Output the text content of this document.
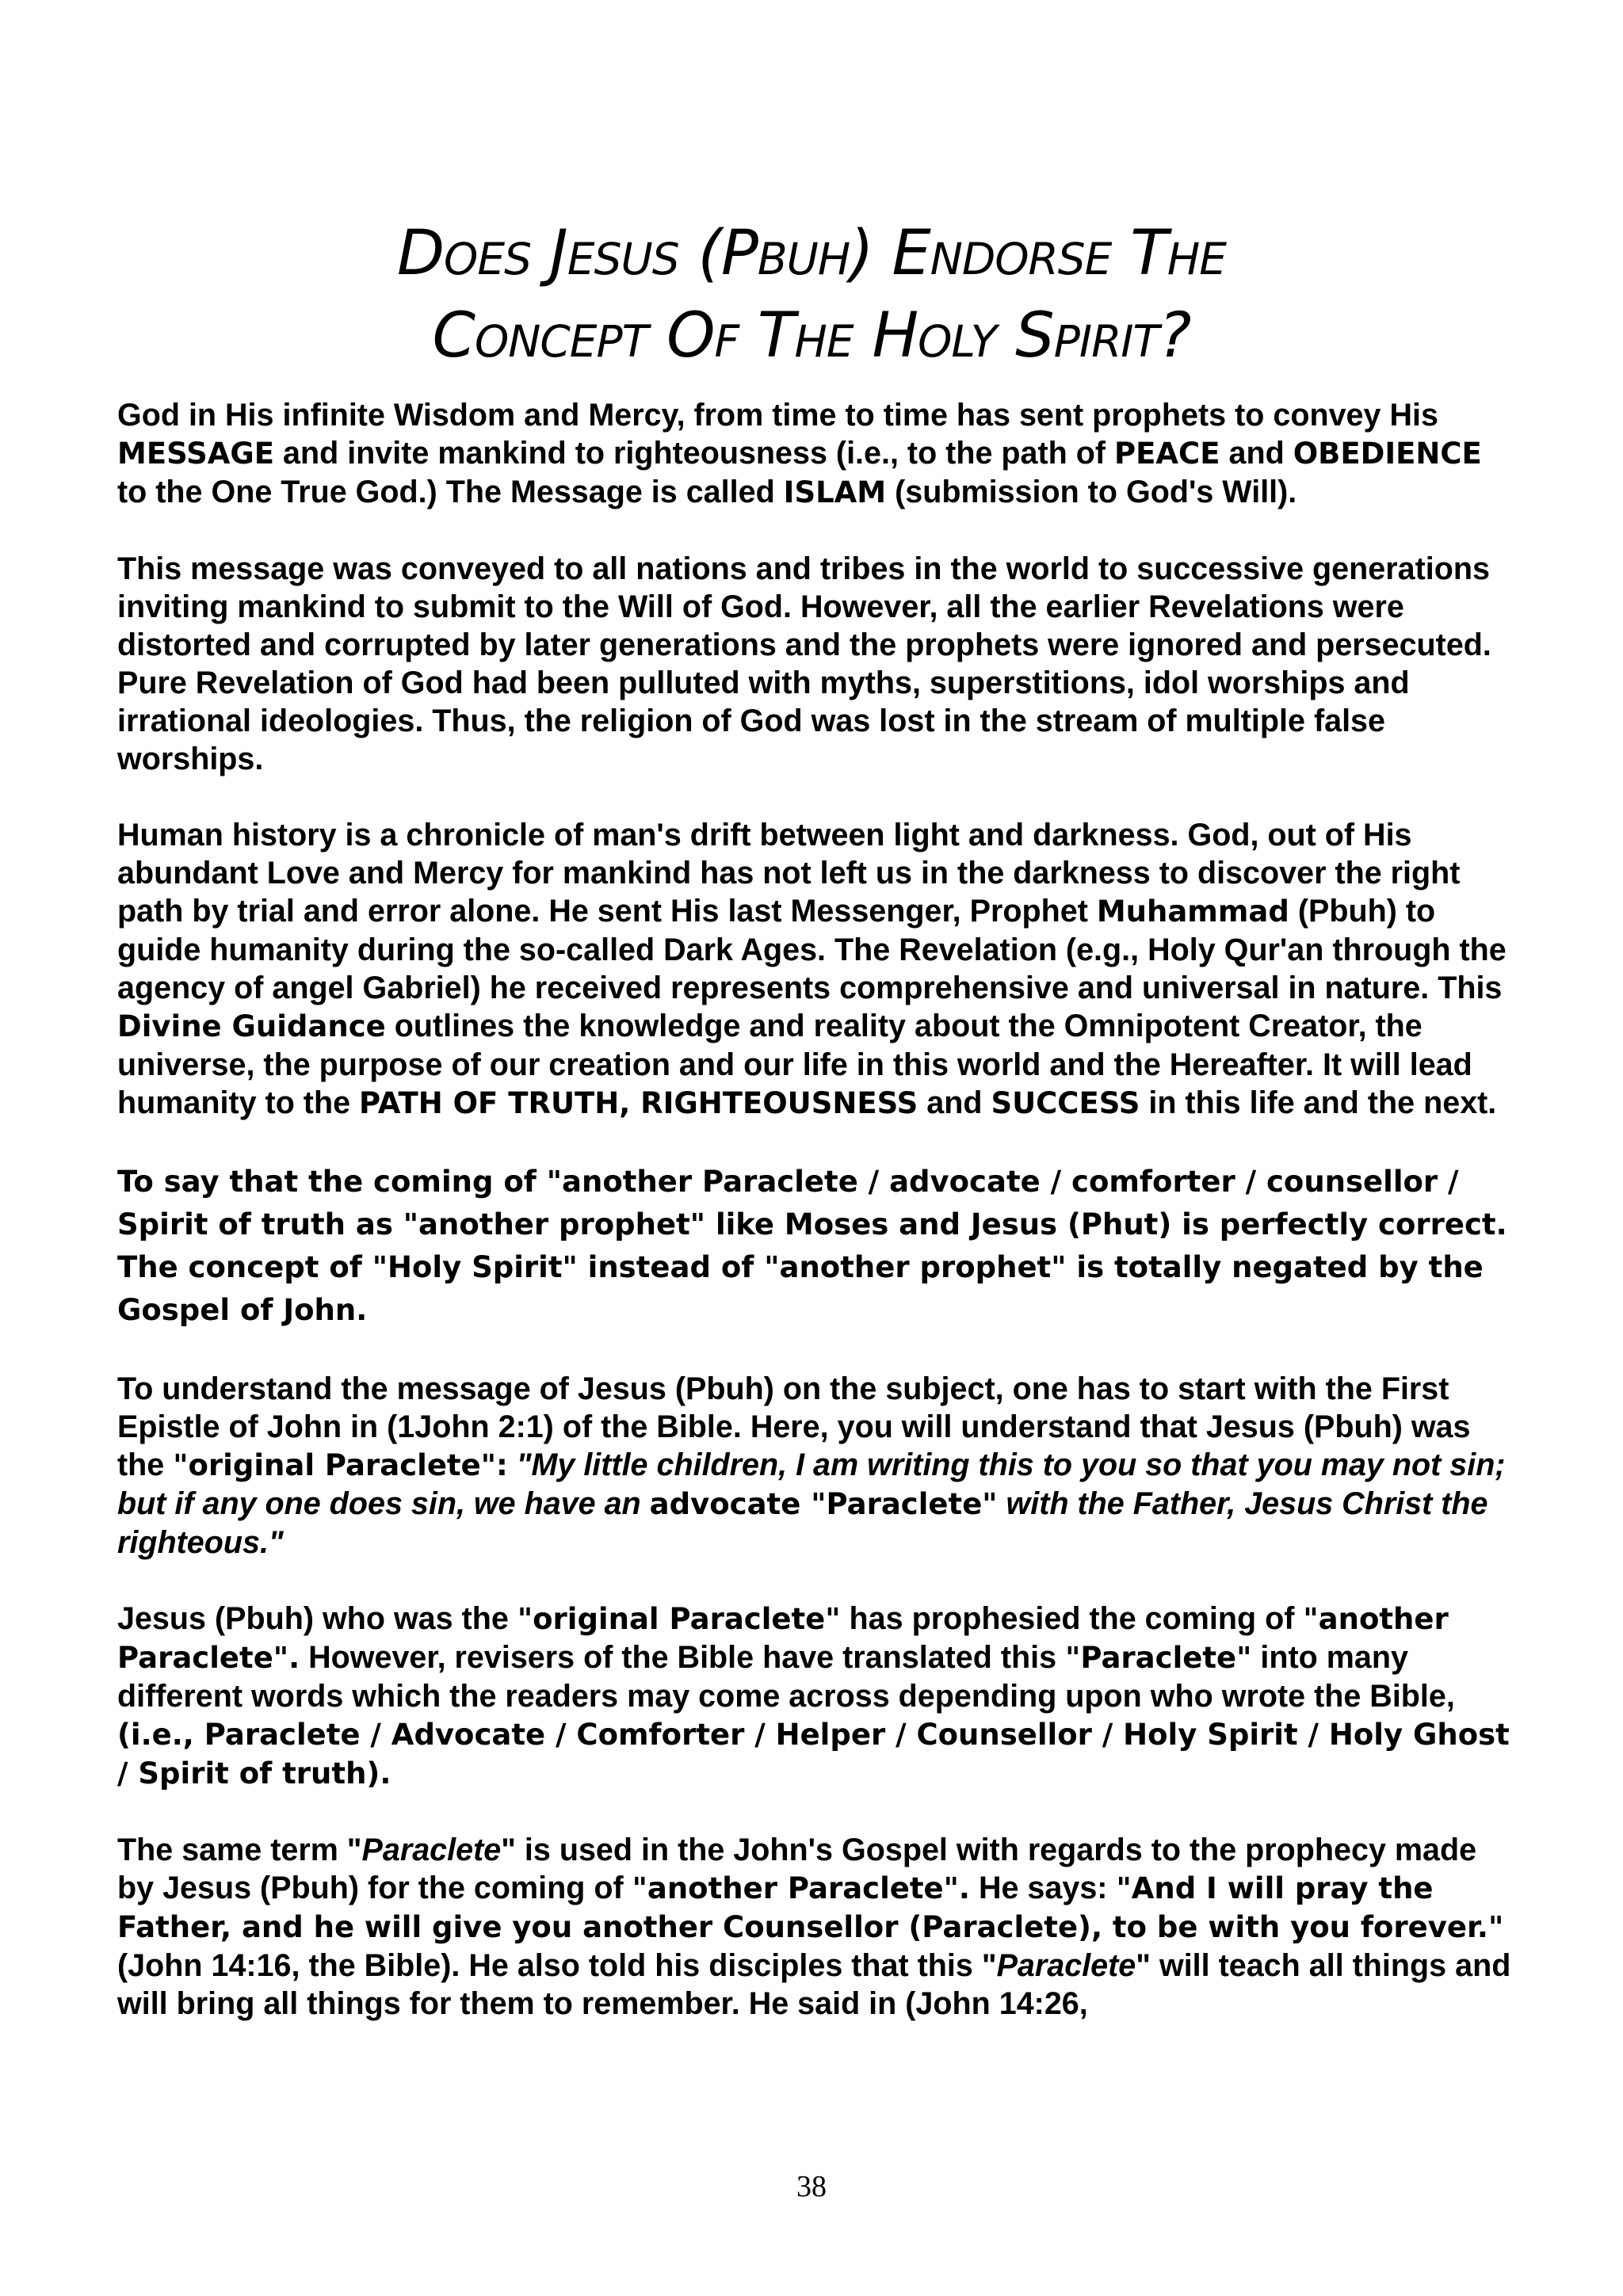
Does Jesus (Pbuh) Endorse The
Concept Of The Holy Spirit?

God in His infinite Wisdom and Mercy, from time to time has sent prophets to convey His MESSAGE and invite mankind to righteousness (i.e., to the path of PEACE and OBEDIENCE to the One True God.) The Message is called ISLAM (submission to God's Will).

This message was conveyed to all nations and tribes in the world to successive generations inviting mankind to submit to the Will of God. However, all the earlier Revelations were distorted and corrupted by later generations and the prophets were ignored and persecuted. Pure Revelation of God had been pulluted with myths, superstitions, idol worships and irrational ideologies. Thus, the religion of God was lost in the stream of multiple false worships.

Human history is a chronicle of man's drift between light and darkness. God, out of His abundant Love and Mercy for mankind has not left us in the darkness to discover the right path by trial and error alone. He sent His last Messenger, Prophet Muhammad (Pbuh) to guide humanity during the so-called Dark Ages. The Revelation (e.g., Holy Qur'an through the agency of angel Gabriel) he received represents comprehensive and universal in nature. This Divine Guidance outlines the knowledge and reality about the Omnipotent Creator, the universe, the purpose of our creation and our life in this world and the Hereafter. It will lead humanity to the PATH OF TRUTH, RIGHTEOUSNESS and SUCCESS in this life and the next.

To say that the coming of "another Paraclete / advocate / comforter / counsellor / Spirit of truth as "another prophet" like Moses and Jesus (Phut) is perfectly correct. The concept of "Holy Spirit" instead of "another prophet" is totally negated by the Gospel of John.

To understand the message of Jesus (Pbuh) on the subject, one has to start with the First Epistle of John in (1John 2:1) of the Bible. Here, you will understand that Jesus (Pbuh) was the "original Paraclete": "My little children, I am writing this to you so that you may not sin; but if any one does sin, we have an advocate "Paraclete" with the Father, Jesus Christ the righteous."

Jesus (Pbuh) who was the "original Paraclete" has prophesied the coming of "another Paraclete". However, revisers of the Bible have translated this "Paraclete" into many different words which the readers may come across depending upon who wrote the Bible, (i.e., Paraclete / Advocate / Comforter / Helper / Counsellor / Holy Spirit / Holy Ghost / Spirit of truth).

The same term "Paraclete" is used in the John's Gospel with regards to the prophecy made by Jesus (Pbuh) for the coming of "another Paraclete". He says: "And I will pray the Father, and he will give you another Counsellor (Paraclete), to be with you forever." (John 14:16, the Bible). He also told his disciples that this "Paraclete" will teach all things and will bring all things for them to remember. He said in (John 14:26,

38
